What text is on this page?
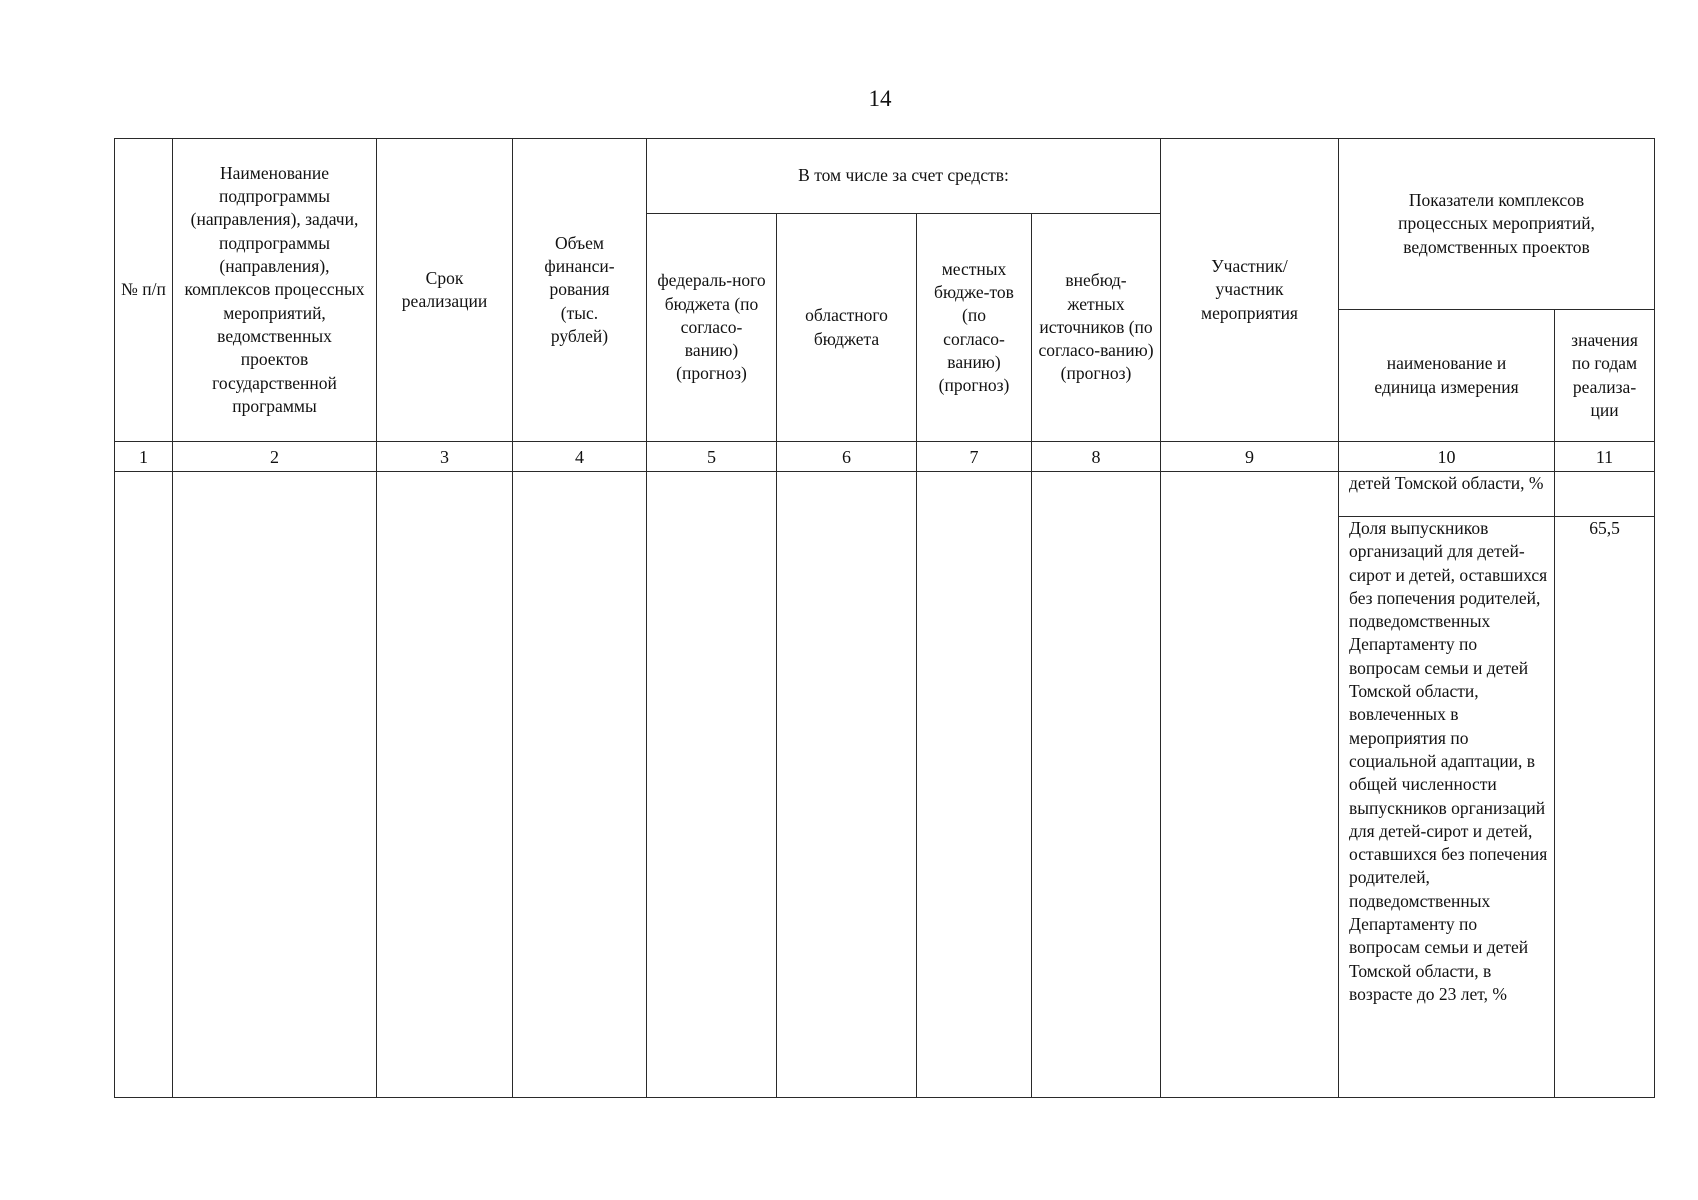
14
№ п/п	Наименование подпрограммы (направления), задачи, подпрограммы (направления), комплексов процессных мероприятий, ведомственных проектов государственной программы	Срок реализации	Объем финанси-рования (тыс. рублей)	В том числе за счет средств:				Участник/ участник мероприятия	Показатели комплексов процессных мероприятий, ведомственных проектов	
				федераль-ного бюджета (по согласо-ванию) (прогноз)	областного бюджета	местных бюдже-тов (по согласо-ванию) (прогноз)	внебюд-жетных источников (по согласо-ванию) (прогноз)			
									наименование и единица измерения	значения по годам реализа-ции
1	2	3	4	5	6	7	8	9	10	11
									детей Томской области, %	
									Доля выпускников организаций для детей-сирот и детей, оставшихся без попечения родителей, подведомственных Департаменту по вопросам семьи и детей Томской области, вовлеченных в мероприятия по социальной адаптации, в общей численности выпускников организаций для детей-сирот и детей, оставшихся без попечения родителей, подведомственных Департаменту по вопросам семьи и детей Томской области, в возрасте до 23 лет, %	65,5
